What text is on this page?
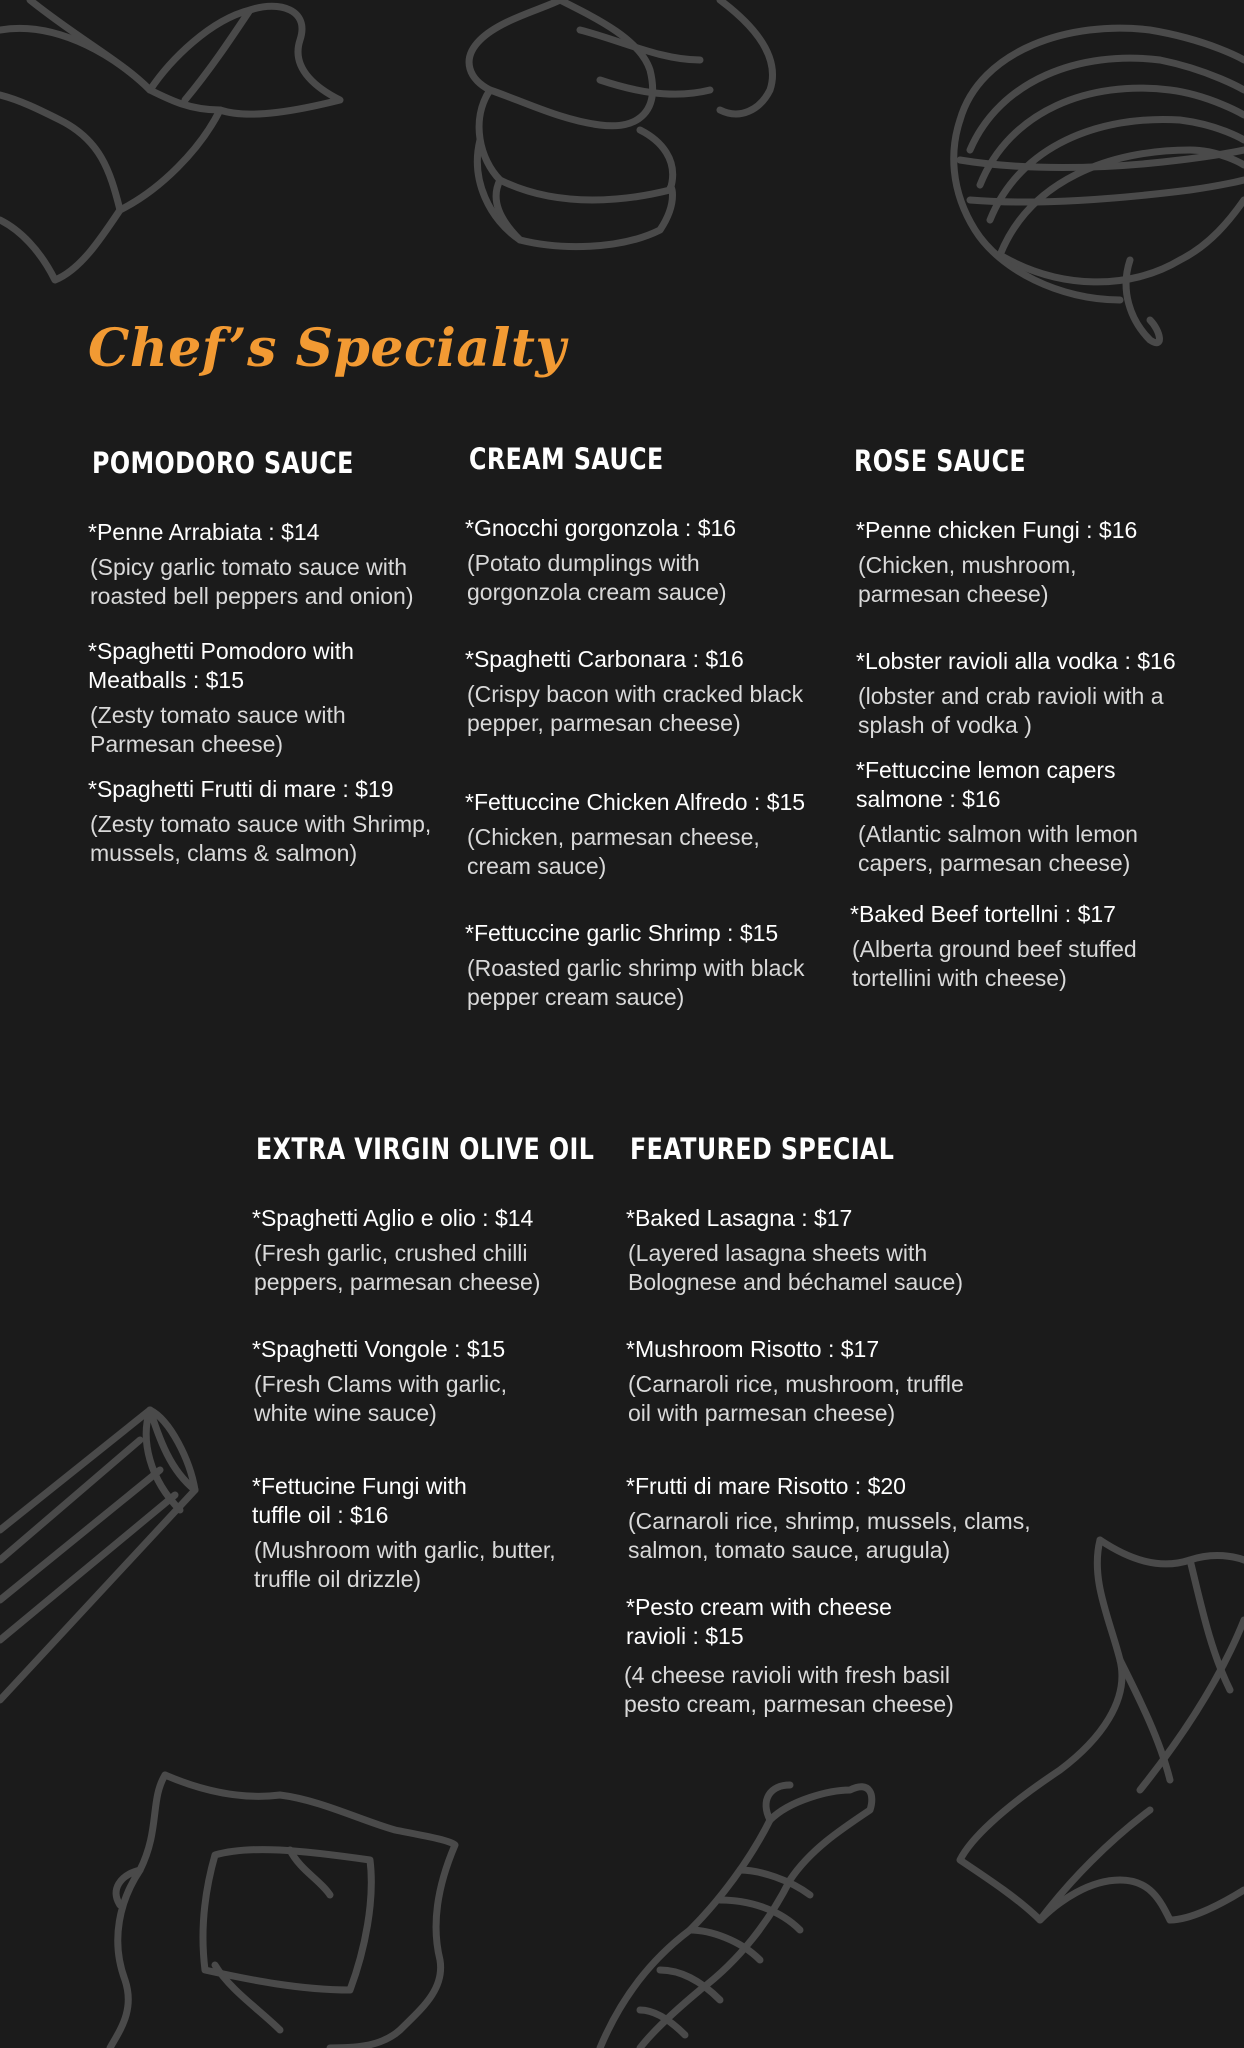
Chef’s Specialty
POMODORO SAUCE
*Penne Arrabiata : $14
(Spicy garlic tomato sauce with roasted bell peppers and onion)
*Spaghetti Pomodoro with Meatballs : $15
(Zesty tomato sauce with Parmesan cheese)
*Spaghetti Frutti di mare : $19
(Zesty tomato sauce with Shrimp, mussels, clams & salmon)
CREAM SAUCE
*Gnocchi gorgonzola : $16
(Potato dumplings with gorgonzola cream sauce)
*Spaghetti Carbonara : $16
(Crispy bacon with cracked black pepper, parmesan cheese)
*Fettuccine Chicken Alfredo : $15
(Chicken, parmesan cheese, cream sauce)
*Fettuccine garlic Shrimp : $15
(Roasted garlic shrimp with black pepper cream sauce)
ROSE SAUCE
*Penne chicken Fungi : $16
(Chicken, mushroom, parmesan cheese)
*Lobster ravioli alla vodka : $16
(lobster and crab ravioli with a splash of vodka )
*Fettuccine lemon capers salmone : $16
(Atlantic salmon with lemon capers, parmesan cheese)
*Baked Beef tortellni : $17
(Alberta ground beef stuffed tortellini with cheese)
EXTRA VIRGIN OLIVE OIL
*Spaghetti Aglio e olio : $14
(Fresh garlic, crushed chilli peppers, parmesan cheese)
*Spaghetti Vongole : $15
(Fresh Clams with garlic, white wine sauce)
*Fettucine Fungi with tuffle oil : $16
(Mushroom with garlic, butter, truffle oil drizzle)
FEATURED SPECIAL
*Baked Lasagna : $17
(Layered lasagna sheets with Bolognese and béchamel sauce)
*Mushroom Risotto : $17
(Carnaroli rice, mushroom, truffle oil with parmesan cheese)
*Frutti di mare Risotto : $20
(Carnaroli rice, shrimp, mussels, clams, salmon, tomato sauce, arugula)
*Pesto cream with cheese ravioli : $15
(4 cheese ravioli with fresh basil pesto cream, parmesan cheese)
